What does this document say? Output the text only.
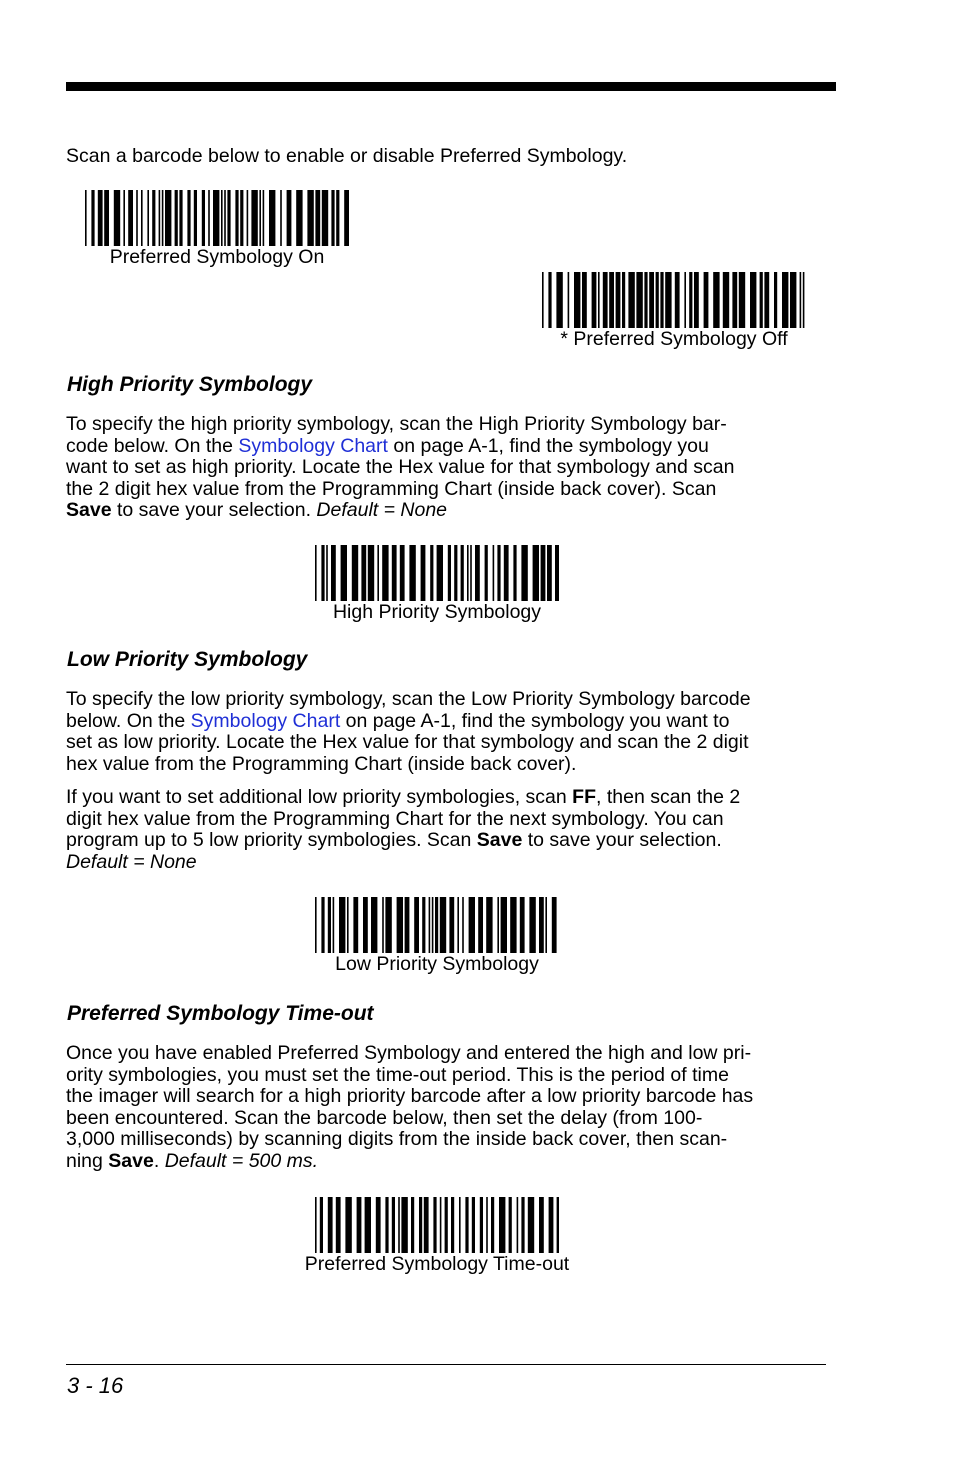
Scan a barcode below to enable or disable Preferred Symbology.

Preferred Symbology On
* Preferred Symbology Off
High Priority Symbology

To specify the high priority symbology, scan the High Priority Symbology bar-
code below. On the Symbology Chart on page A-1, find the symbology you
want to set as high priority. Locate the Hex value for that symbology and scan
the 2 digit hex value from the Programming Chart (inside back cover). Scan
Save to save your selection. Default = None

High Priority Symbology
Low Priority Symbology

To specify the low priority symbology, scan the Low Priority Symbology barcode
below. On the Symbology Chart on page A-1, find the symbology you want to
set as low priority. Locate the Hex value for that symbology and scan the 2 digit
hex value from the Programming Chart (inside back cover).

If you want to set additional low priority symbologies, scan FF, then scan the 2
digit hex value from the Programming Chart for the next symbology. You can
program up to 5 low priority symbologies. Scan Save to save your selection.
Default = None

Low Priority Symbology
Preferred Symbology Time-out

Once you have enabled Preferred Symbology and entered the high and low pri-
ority symbologies, you must set the time-out period. This is the period of time
the imager will search for a high priority barcode after a low priority barcode has
been encountered. Scan the barcode below, then set the delay (from 100-
3,000 milliseconds) by scanning digits from the inside back cover, then scan-
ning Save. Default = 500 ms.

Preferred Symbology Time-out
3 - 16
